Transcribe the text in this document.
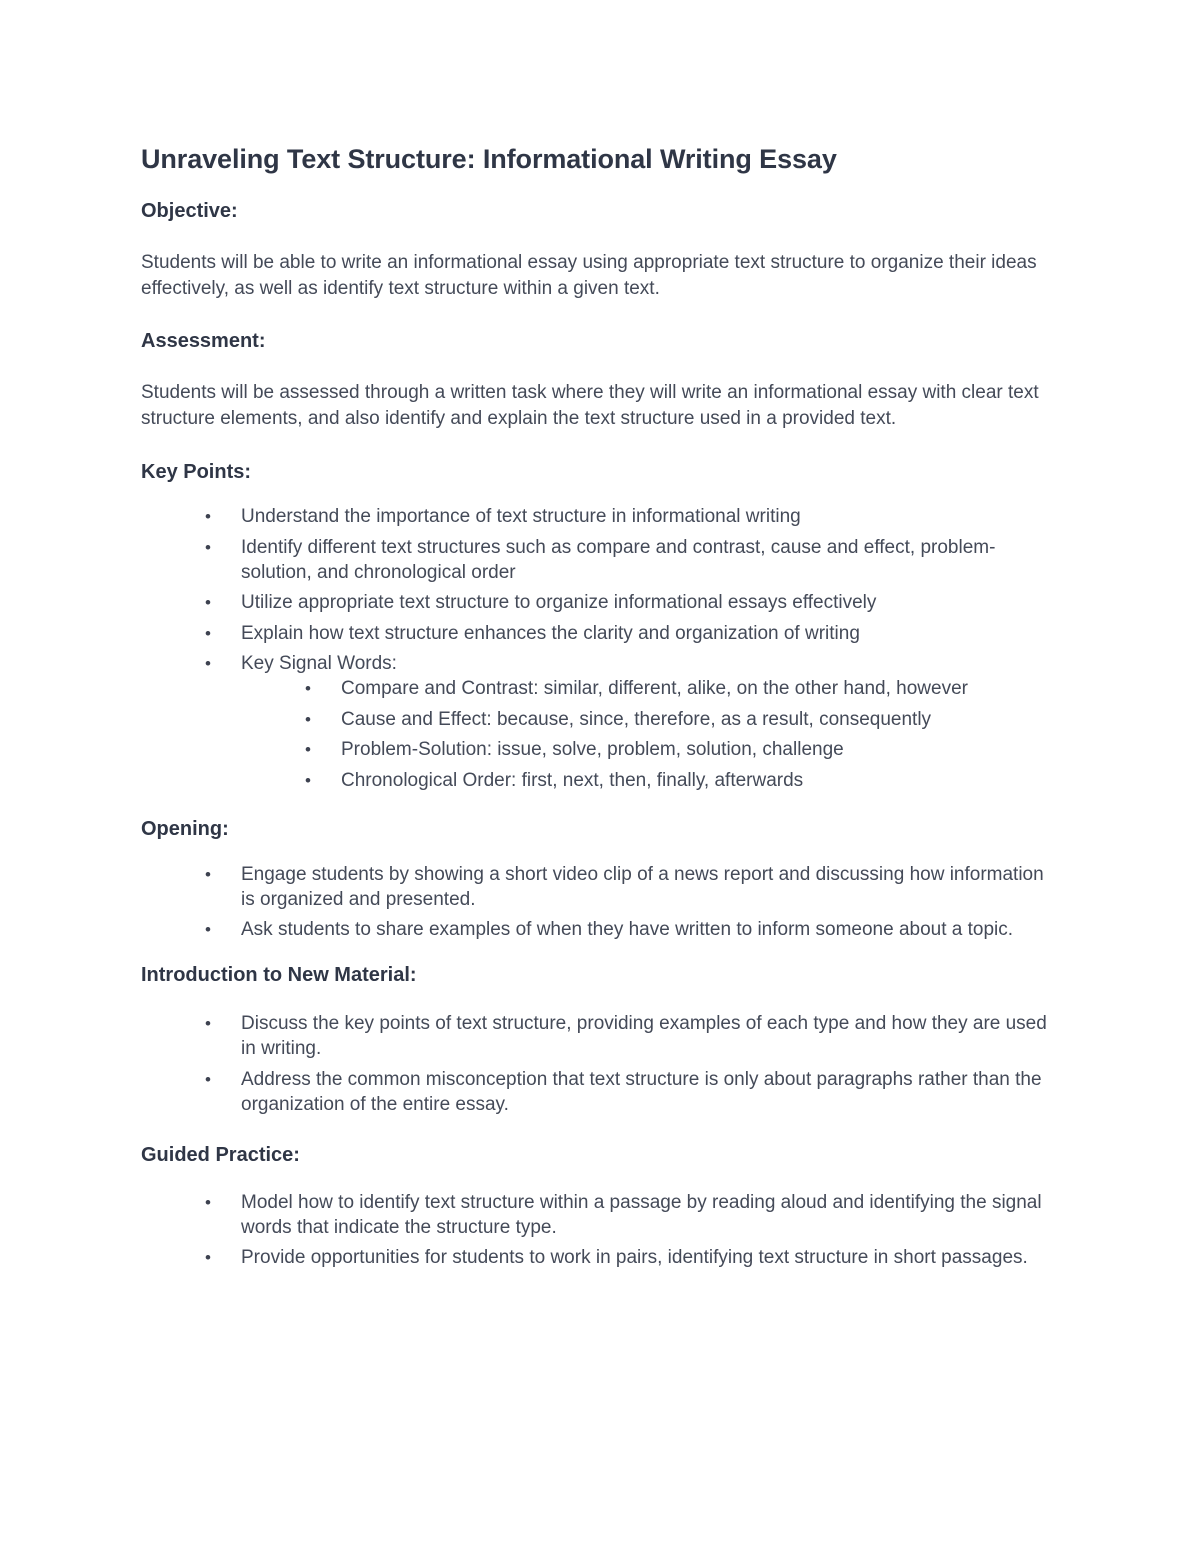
Unraveling Text Structure: Informational Writing Essay
Objective:

Students will be able to write an informational essay using appropriate text structure to organize their ideas effectively, as well as identify text structure within a given text.

Assessment:

Students will be assessed through a written task where they will write an informational essay with clear text structure elements, and also identify and explain the text structure used in a provided text.

Key Points:
• Understand the importance of text structure in informational writing
• Identify different text structures such as compare and contrast, cause and effect, problem-solution, and chronological order
• Utilize appropriate text structure to organize informational essays effectively
• Explain how text structure enhances the clarity and organization of writing
• Key Signal Words:
• Compare and Contrast: similar, different, alike, on the other hand, however
• Cause and Effect: because, since, therefore, as a result, consequently
• Problem-Solution: issue, solve, problem, solution, challenge
• Chronological Order: first, next, then, finally, afterwards
Opening:
• Engage students by showing a short video clip of a news report and discussing how information is organized and presented.
• Ask students to share examples of when they have written to inform someone about a topic.
Introduction to New Material:
• Discuss the key points of text structure, providing examples of each type and how they are used in writing.
• Address the common misconception that text structure is only about paragraphs rather than the organization of the entire essay.
Guided Practice:
• Model how to identify text structure within a passage by reading aloud and identifying the signal words that indicate the structure type.
• Provide opportunities for students to work in pairs, identifying text structure in short passages.
